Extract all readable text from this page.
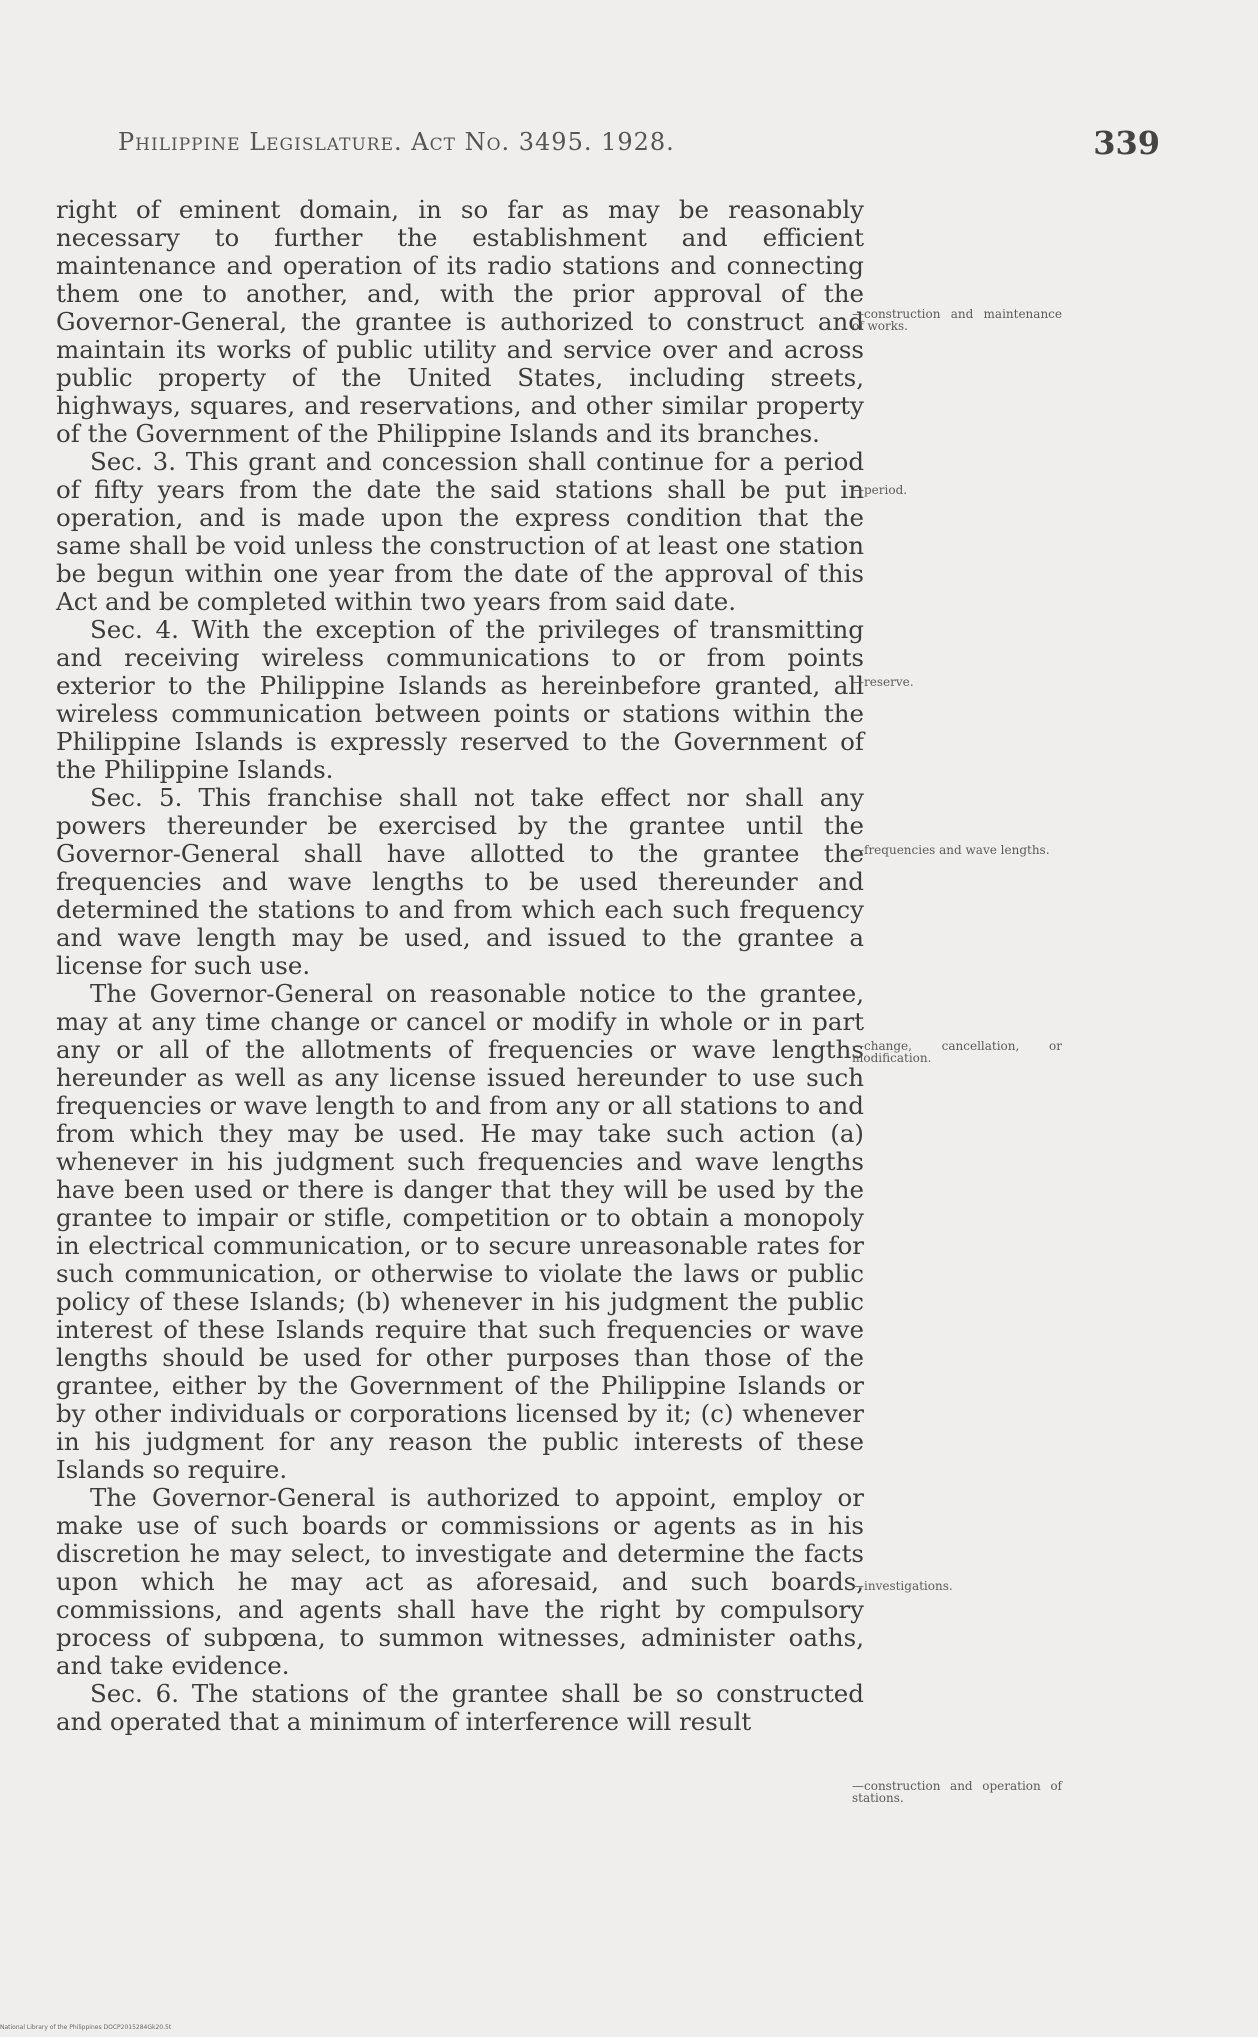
Philippine Legislature. Act No. 3495. 1928.	339

right of eminent domain, in so far as may be reasonably necessary to further the establishment and efficient maintenance and operation of its radio stations and connecting them one to another, and, with the prior approval of the Governor-General, the grantee is authorized to construct and maintain its works of public utility and service over and across public property of the United States, including streets, highways, squares, and reservations, and other similar property of the Government of the Philippine Islands and its branches.

Sec. 3. This grant and concession shall continue for a period of fifty years from the date the said stations shall be put in operation, and is made upon the express condition that the same shall be void unless the construction of at least one station be begun within one year from the date of the approval of this Act and be completed within two years from said date.

Sec. 4. With the exception of the privileges of transmitting and receiving wireless communications to or from points exterior to the Philippine Islands as hereinbefore granted, all wireless communication between points or stations within the Philippine Islands is expressly reserved to the Government of the Philippine Islands.

Sec. 5. This franchise shall not take effect nor shall any powers thereunder be exercised by the grantee until the Governor-General shall have allotted to the grantee the frequencies and wave lengths to be used thereunder and determined the stations to and from which each such frequency and wave length may be used, and issued to the grantee a license for such use.

The Governor-General on reasonable notice to the grantee, may at any time change or cancel or modify in whole or in part any or all of the allotments of frequencies or wave lengths hereunder as well as any license issued hereunder to use such frequencies or wave length to and from any or all stations to and from which they may be used. He may take such action (a) whenever in his judgment such frequencies and wave lengths have been used or there is danger that they will be used by the grantee to impair or stifle, competition or to obtain a monopoly in electrical communication, or to secure unreasonable rates for such communication, or otherwise to violate the laws or public policy of these Islands; (b) whenever in his judgment the public interest of these Islands require that such frequencies or wave lengths should be used for other purposes than those of the grantee, either by the Government of the Philippine Islands or by other individuals or corporations licensed by it; (c) whenever in his judgment for any reason the public interests of these Islands so require.

The Governor-General is authorized to appoint, employ or make use of such boards or commissions or agents as in his discretion he may select, to investigate and determine the facts upon which he may act as aforesaid, and such boards, commissions, and agents shall have the right by compulsory process of subpœna, to summon witnesses, administer oaths, and take evidence.

Sec. 6. The stations of the grantee shall be so constructed and operated that a minimum of interference will result

—construction and maintenance of works.
—period.
—reserve.
—frequencies and wave lengths.
—change, cancellation, or modification.
—investigations.
—construction and operation of stations.
National Library of the Philippines DOCP2015284Gk20.5t
